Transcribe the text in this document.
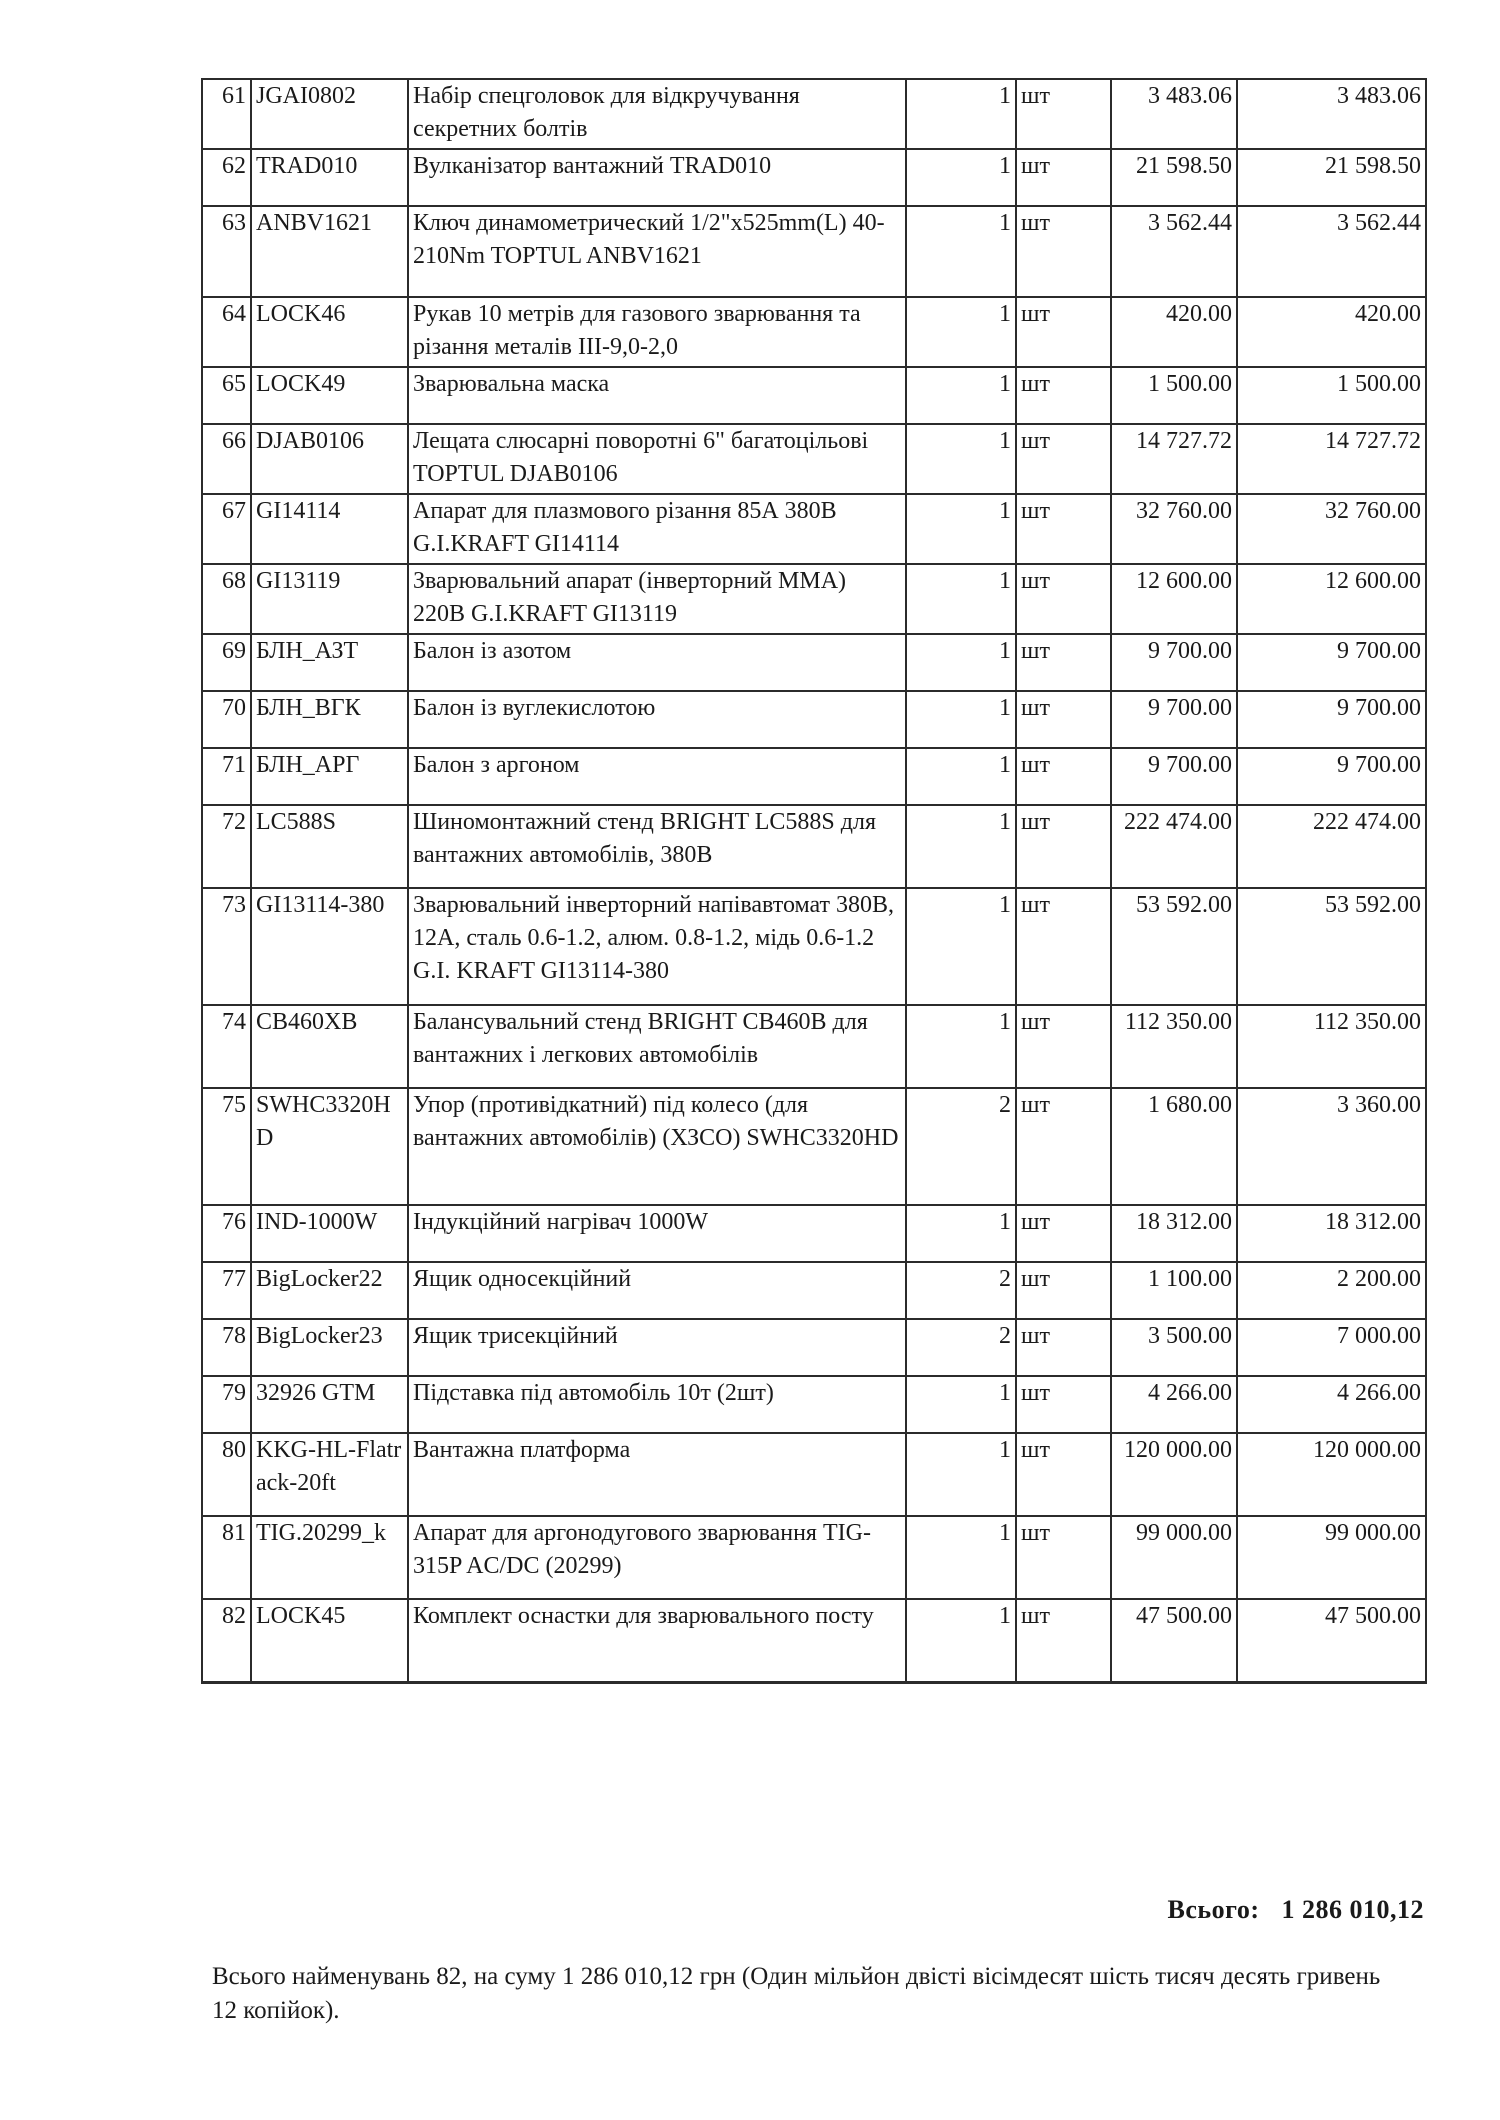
61	JGAI0802	Набір спецголовок для відкручування секретних болтів	1	шт	3 483.06	3 483.06
62	TRAD010	Вулканізатор вантажний TRAD010	1	шт	21 598.50	21 598.50
63	ANBV1621	Ключ динамометрический 1/2"x525mm(L) 40-210Nm TOPTUL ANBV1621	1	шт	3 562.44	3 562.44
64	LOCK46	Рукав 10 метрів для газового зварювання та різання металів III-9,0-2,0	1	шт	420.00	420.00
65	LOCK49	Зварювальна маска	1	шт	1 500.00	1 500.00
66	DJAB0106	Лещата слюсарні поворотні 6" багатоцільові TOPTUL DJAB0106	1	шт	14 727.72	14 727.72
67	GI14114	Апарат для плазмового різання 85А 380В G.I.KRAFT GI14114	1	шт	32 760.00	32 760.00
68	GI13119	Зварювальний апарат (інверторний ММА) 220В G.I.KRAFT GI13119	1	шт	12 600.00	12 600.00
69	БЛН_АЗТ	Балон із азотом	1	шт	9 700.00	9 700.00
70	БЛН_ВГК	Балон із вуглекислотою	1	шт	9 700.00	9 700.00
71	БЛН_АРГ	Балон з аргоном	1	шт	9 700.00	9 700.00
72	LC588S	Шиномонтажний стенд BRIGHT LC588S для вантажних автомобілів, 380В	1	шт	222 474.00	222 474.00
73	GI13114-380	Зварювальний інверторний напівавтомат 380В, 12А, сталь 0.6-1.2, алюм. 0.8-1.2, мідь 0.6-1.2 G.I. KRAFT GI13114-380	1	шт	53 592.00	53 592.00
74	CB460XB	Балансувальний стенд BRIGHT CB460B для вантажних і легкових автомобілів	1	шт	112 350.00	112 350.00
75	SWHC3320HD	Упор (противідкатний) під колесо (для вантажних автомобілів) (ХЗСО) SWHC3320HD	2	шт	1 680.00	3 360.00
76	IND-1000W	Індукційний нагрівач 1000W	1	шт	18 312.00	18 312.00
77	BigLocker22	Ящик односекційний	2	шт	1 100.00	2 200.00
78	BigLocker23	Ящик трисекційний	2	шт	3 500.00	7 000.00
79	32926 GTM	Підставка під автомобіль 10т (2шт)	1	шт	4 266.00	4 266.00
80	KKG-HL-Flatrack-20ft	Вантажна платформа	1	шт	120 000.00	120 000.00
81	TIG.20299_k	Апарат для аргонодугового зварювання TIG-315P AC/DC (20299)	1	шт	99 000.00	99 000.00
82	LOCK45	Комплект оснастки для зварювального посту	1	шт	47 500.00	47 500.00
Всього: 1 286 010,12
Всього найменувань 82, на суму 1 286 010,12 грн (Один мільйон двісті вісімдесят шість тисяч десять гривень 12 копійок).
